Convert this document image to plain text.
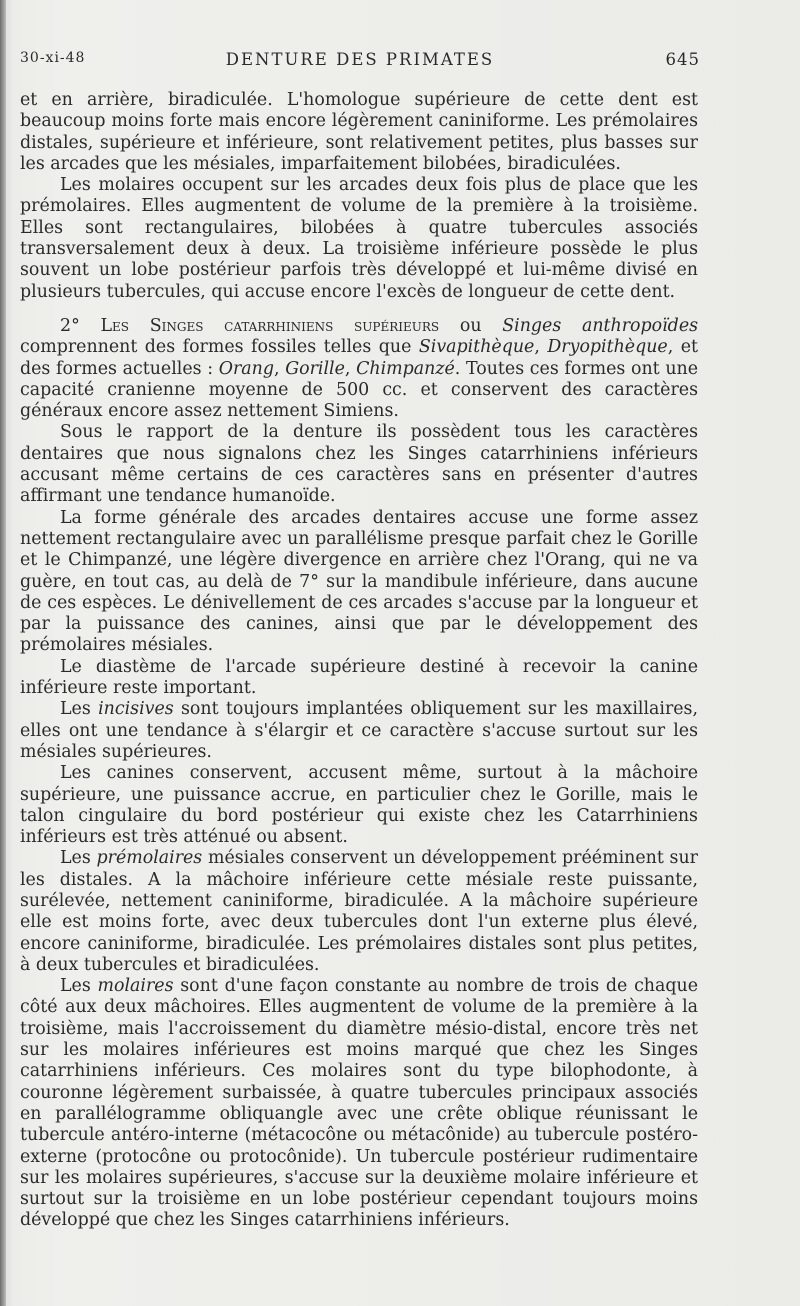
30-xi-48	DENTURE DES PRIMATES	645

et en arrière, biradiculée. L'homologue supérieure de cette dent est beaucoup moins forte mais encore légèrement caniniforme. Les prémolaires distales, supérieure et inférieure, sont relativement petites, plus basses sur les arcades que les mésiales, imparfaitement bilobées, biradiculées.

Les molaires occupent sur les arcades deux fois plus de place que les prémolaires. Elles augmentent de volume de la première à la troisième. Elles sont rectangulaires, bilobées à quatre tubercules associés transversalement deux à deux. La troisième inférieure possède le plus souvent un lobe postérieur parfois très développé et lui-même divisé en plusieurs tubercules, qui accuse encore l'excès de longueur de cette dent.

2° Les Singes catarrhiniens supérieurs ou Singes anthropoïdes comprennent des formes fossiles telles que Sivapithèque, Dryopithèque, et des formes actuelles : Orang, Gorille, Chimpanzé. Toutes ces formes ont une capacité cranienne moyenne de 500 cc. et conservent des caractères généraux encore assez nettement Simiens.

Sous le rapport de la denture ils possèdent tous les caractères dentaires que nous signalons chez les Singes catarrhiniens inférieurs accusant même certains de ces caractères sans en présenter d'autres affirmant une tendance humanoïde.

La forme générale des arcades dentaires accuse une forme assez nettement rectangulaire avec un parallélisme presque parfait chez le Gorille et le Chimpanzé, une légère divergence en arrière chez l'Orang, qui ne va guère, en tout cas, au delà de 7° sur la mandibule inférieure, dans aucune de ces espèces. Le dénivellement de ces arcades s'accuse par la longueur et par la puissance des canines, ainsi que par le développement des prémolaires mésiales.

Le diastème de l'arcade supérieure destiné à recevoir la canine inférieure reste important.

Les incisives sont toujours implantées obliquement sur les maxillaires, elles ont une tendance à s'élargir et ce caractère s'accuse surtout sur les mésiales supérieures.

Les canines conservent, accusent même, surtout à la mâchoire supérieure, une puissance accrue, en particulier chez le Gorille, mais le talon cingulaire du bord postérieur qui existe chez les Catarrhiniens inférieurs est très atténué ou absent.

Les prémolaires mésiales conservent un développement prééminent sur les distales. A la mâchoire inférieure cette mésiale reste puissante, surélevée, nettement caniniforme, biradiculée. A la mâchoire supérieure elle est moins forte, avec deux tubercules dont l'un externe plus élevé, encore caniniforme, biradiculée. Les prémolaires distales sont plus petites, à deux tubercules et biradiculées.

Les molaires sont d'une façon constante au nombre de trois de chaque côté aux deux mâchoires. Elles augmentent de volume de la première à la troisième, mais l'accroissement du diamètre mésio-distal, encore très net sur les molaires inférieures est moins marqué que chez les Singes catarrhiniens inférieurs. Ces molaires sont du type bilophodonte, à couronne légèrement surbaissée, à quatre tubercules principaux associés en parallélogramme obliquangle avec une crête oblique réunissant le tubercule antéro-interne (métacocône ou métacônide) au tubercule postéro-externe (protocône ou protocônide). Un tubercule postérieur rudimentaire sur les molaires supérieures, s'accuse sur la deuxième molaire inférieure et surtout sur la troisième en un lobe postérieur cependant toujours moins développé que chez les Singes catarrhiniens inférieurs.
